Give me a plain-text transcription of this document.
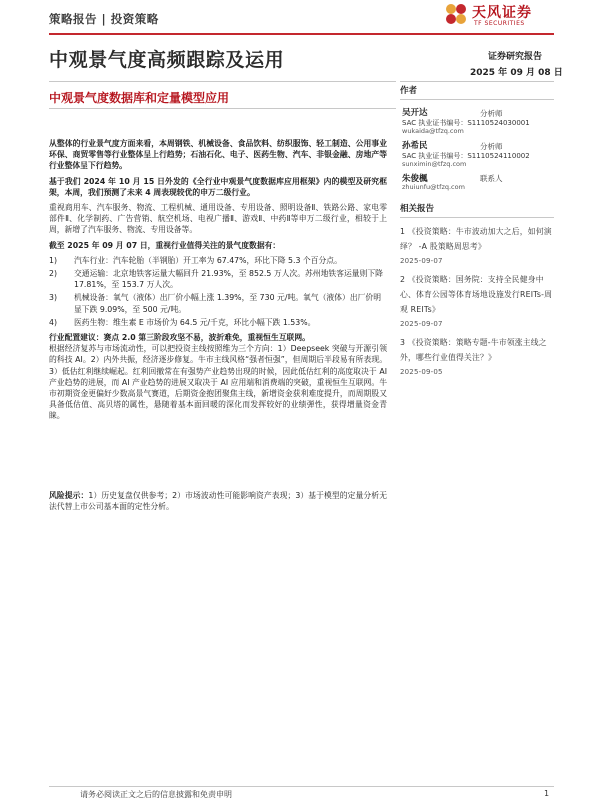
策略报告 | 投资策略	天风证券
TF SECURITIES
中观景气度高频跟踪及运用	证券研究报告
2025 年 09 月 08 日
中观景气度数据库和定量模型应用	作者
吴开达	分析师
SAC 执业证书编号：S1110524030001
wukaida@tfzq.com
孙希民	分析师
SAC 执业证书编号：S1110524110002
sunximin@tfzq.com
朱俊楓	联系人
zhuiunfu@tfzq.com
相关报告
1 《投资策略：牛市波动加大之后，如何演绎？ -A 股策略周思考》
2025-09-07
2 《投资策略：国务院：支持全民健身中心、体育公园等体育场地设施发行REITs-周观 REITs》
2025-09-07
3 《投资策略：策略专题-牛市领涨主线之外，哪些行业值得关注？》
2025-09-05

从整体的行业景气度方面来看，本周钢铁、机械设备、食品饮料、纺织服饰、轻工制造、公用事业环保、商贸零售等行业整体呈上行趋势；石油石化、电子、医药生物、汽车、非银金融、房地产等行业整体呈下行趋势。

基于我们 2024 年 10 月 15 日外发的《全行业中观景气度数据库应用框架》内的模型及研究框架，本周，我们预测了未来 4 周表现较优的申万二级行业。

重视商用车、汽车服务、物流、工程机械、通用设备、专用设备、照明设备Ⅱ、铁路公路、家电零部件Ⅱ、化学制药、广告营销、航空机场、电视广播Ⅱ、游戏Ⅱ、中药Ⅱ等申万二级行业，相较于上周，新增了汽车服务、物流、专用设备等。

截至 2025 年 09 月 07 日，重视行业值得关注的景气度数据有：

1) 汽车行业：汽车轮胎（半钢胎）开工率为 67.47%，环比下降 5.3 个百分点。
2) 交通运输：北京地铁客运量大幅回升 21.93%，至 852.5 万人次。苏州地铁客运量则下降 17.81%，至 153.7 万人次。
3) 机械设备：氧气（液体）出厂价小幅上涨 1.39%，至 730 元/吨。氧气（液体）出厂价明显下跌 9.09%，至 500 元/吨。
4) 医药生物：维生素 E 市场价为 64.5 元/千克，环比小幅下跌 1.53%。

行业配置建议：赛点 2.0 第三阶段攻坚不易，波折难免，重视恒生互联网。

根据经济复苏与市场流动性，可以把投资主线按照维为三个方向：1）Deepseek 突破与开源引领的科技 AI。2）内外共振，经济逐步修复。牛市主线风格“强者恒强”，但周期后半段易有所表现。3）低估红利继续崛起。红利回撤常在有强势产业趋势出现的时候，因此低估红利的高度取决于 AI 产业趋势的进展，而 AI 产业趋势的进展又取决于 AI 应用端和消费端的突破，重视恒生互联网。牛市初期资金更偏好少数高景气赛道，后期资金抱团聚焦主线，新增资金获利难度提升，而周期股又具备低估值、高贝塔的属性，悬随着基本面回暖的深化而发挥较好的业绩弹性，获得增量资金青睐。

风险提示：1）历史复盘仅供参考；2）市场波动性可能影响资产表现；3）基于模型的定量分析无法代替上市公司基本面的定性分析。

请务必阅读正文之后的信息披露和免责申明	1
